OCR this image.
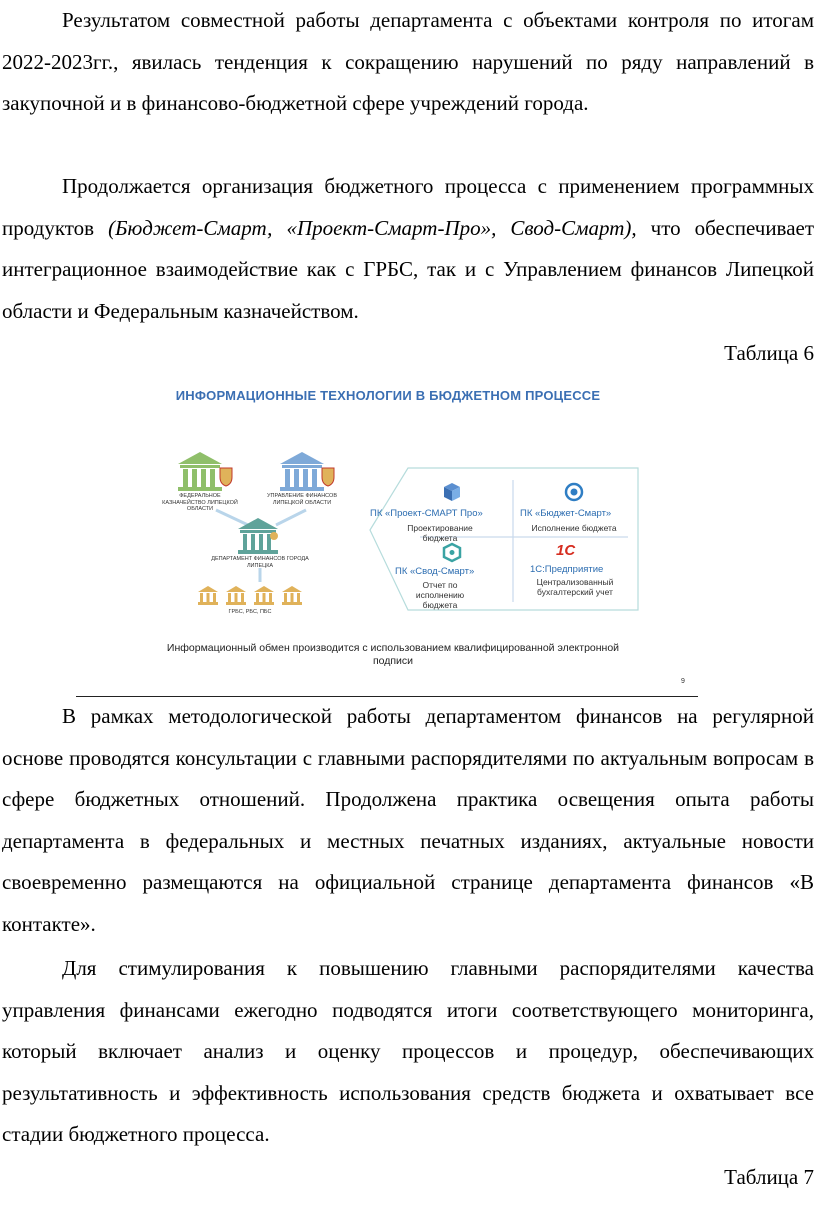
Результатом совместной работы департамента с объектами контроля по итогам 2022-2023гг., явилась тенденция к сокращению нарушений по ряду направлений в закупочной и в финансово-бюджетной сфере учреждений города.

Продолжается организация бюджетного процесса с применением программных продуктов (Бюджет-Смарт, «Проект-Смарт-Про», Свод-Смарт), что обеспечивает интеграционное взаимодействие как с ГРБС, так и с Управлением финансов Липецкой области и Федеральным казначейством.

Таблица 6
ИНФОРМАЦИОННЫЕ ТЕХНОЛОГИИ В БЮДЖЕТНОМ ПРОЦЕССЕ
ФЕДЕРАЛЬНОЕ КАЗНАЧЕЙСТВО ЛИПЕЦКОЙ ОБЛАСТИ
УПРАВЛЕНИЕ ФИНАНСОВ ЛИПЕЦКОЙ ОБЛАСТИ
ДЕПАРТАМЕНТ ФИНАНСОВ ГОРОДА ЛИПЕЦКА
ГРБС, РБС, ПБС
ПК «Проект-СМАРТ Про»
Проектирование бюджета
ПК «Бюджет-Смарт»
Исполнение бюджета
ПК «Свод-Смарт»
Отчет по исполнению бюджета
1С
1С:Предприятие
Централизованный бухгалтерский учет
Информационный обмен производится с использованием квалифицированной электронной подписи
9

В рамках методологической работы департаментом финансов на регулярной основе проводятся консультации с главными распорядителями по актуальным вопросам в сфере бюджетных отношений. Продолжена практика освещения опыта работы департамента в федеральных и местных печатных изданиях, актуальные новости своевременно размещаются на официальной странице департамента финансов «В контакте».

Для стимулирования к повышению главными распорядителями качества управления финансами ежегодно подводятся итоги соответствующего мониторинга, который включает анализ и оценку процессов и процедур, обеспечивающих результативность и эффективность использования средств бюджета и охватывает все стадии бюджетного процесса.

Таблица 7
